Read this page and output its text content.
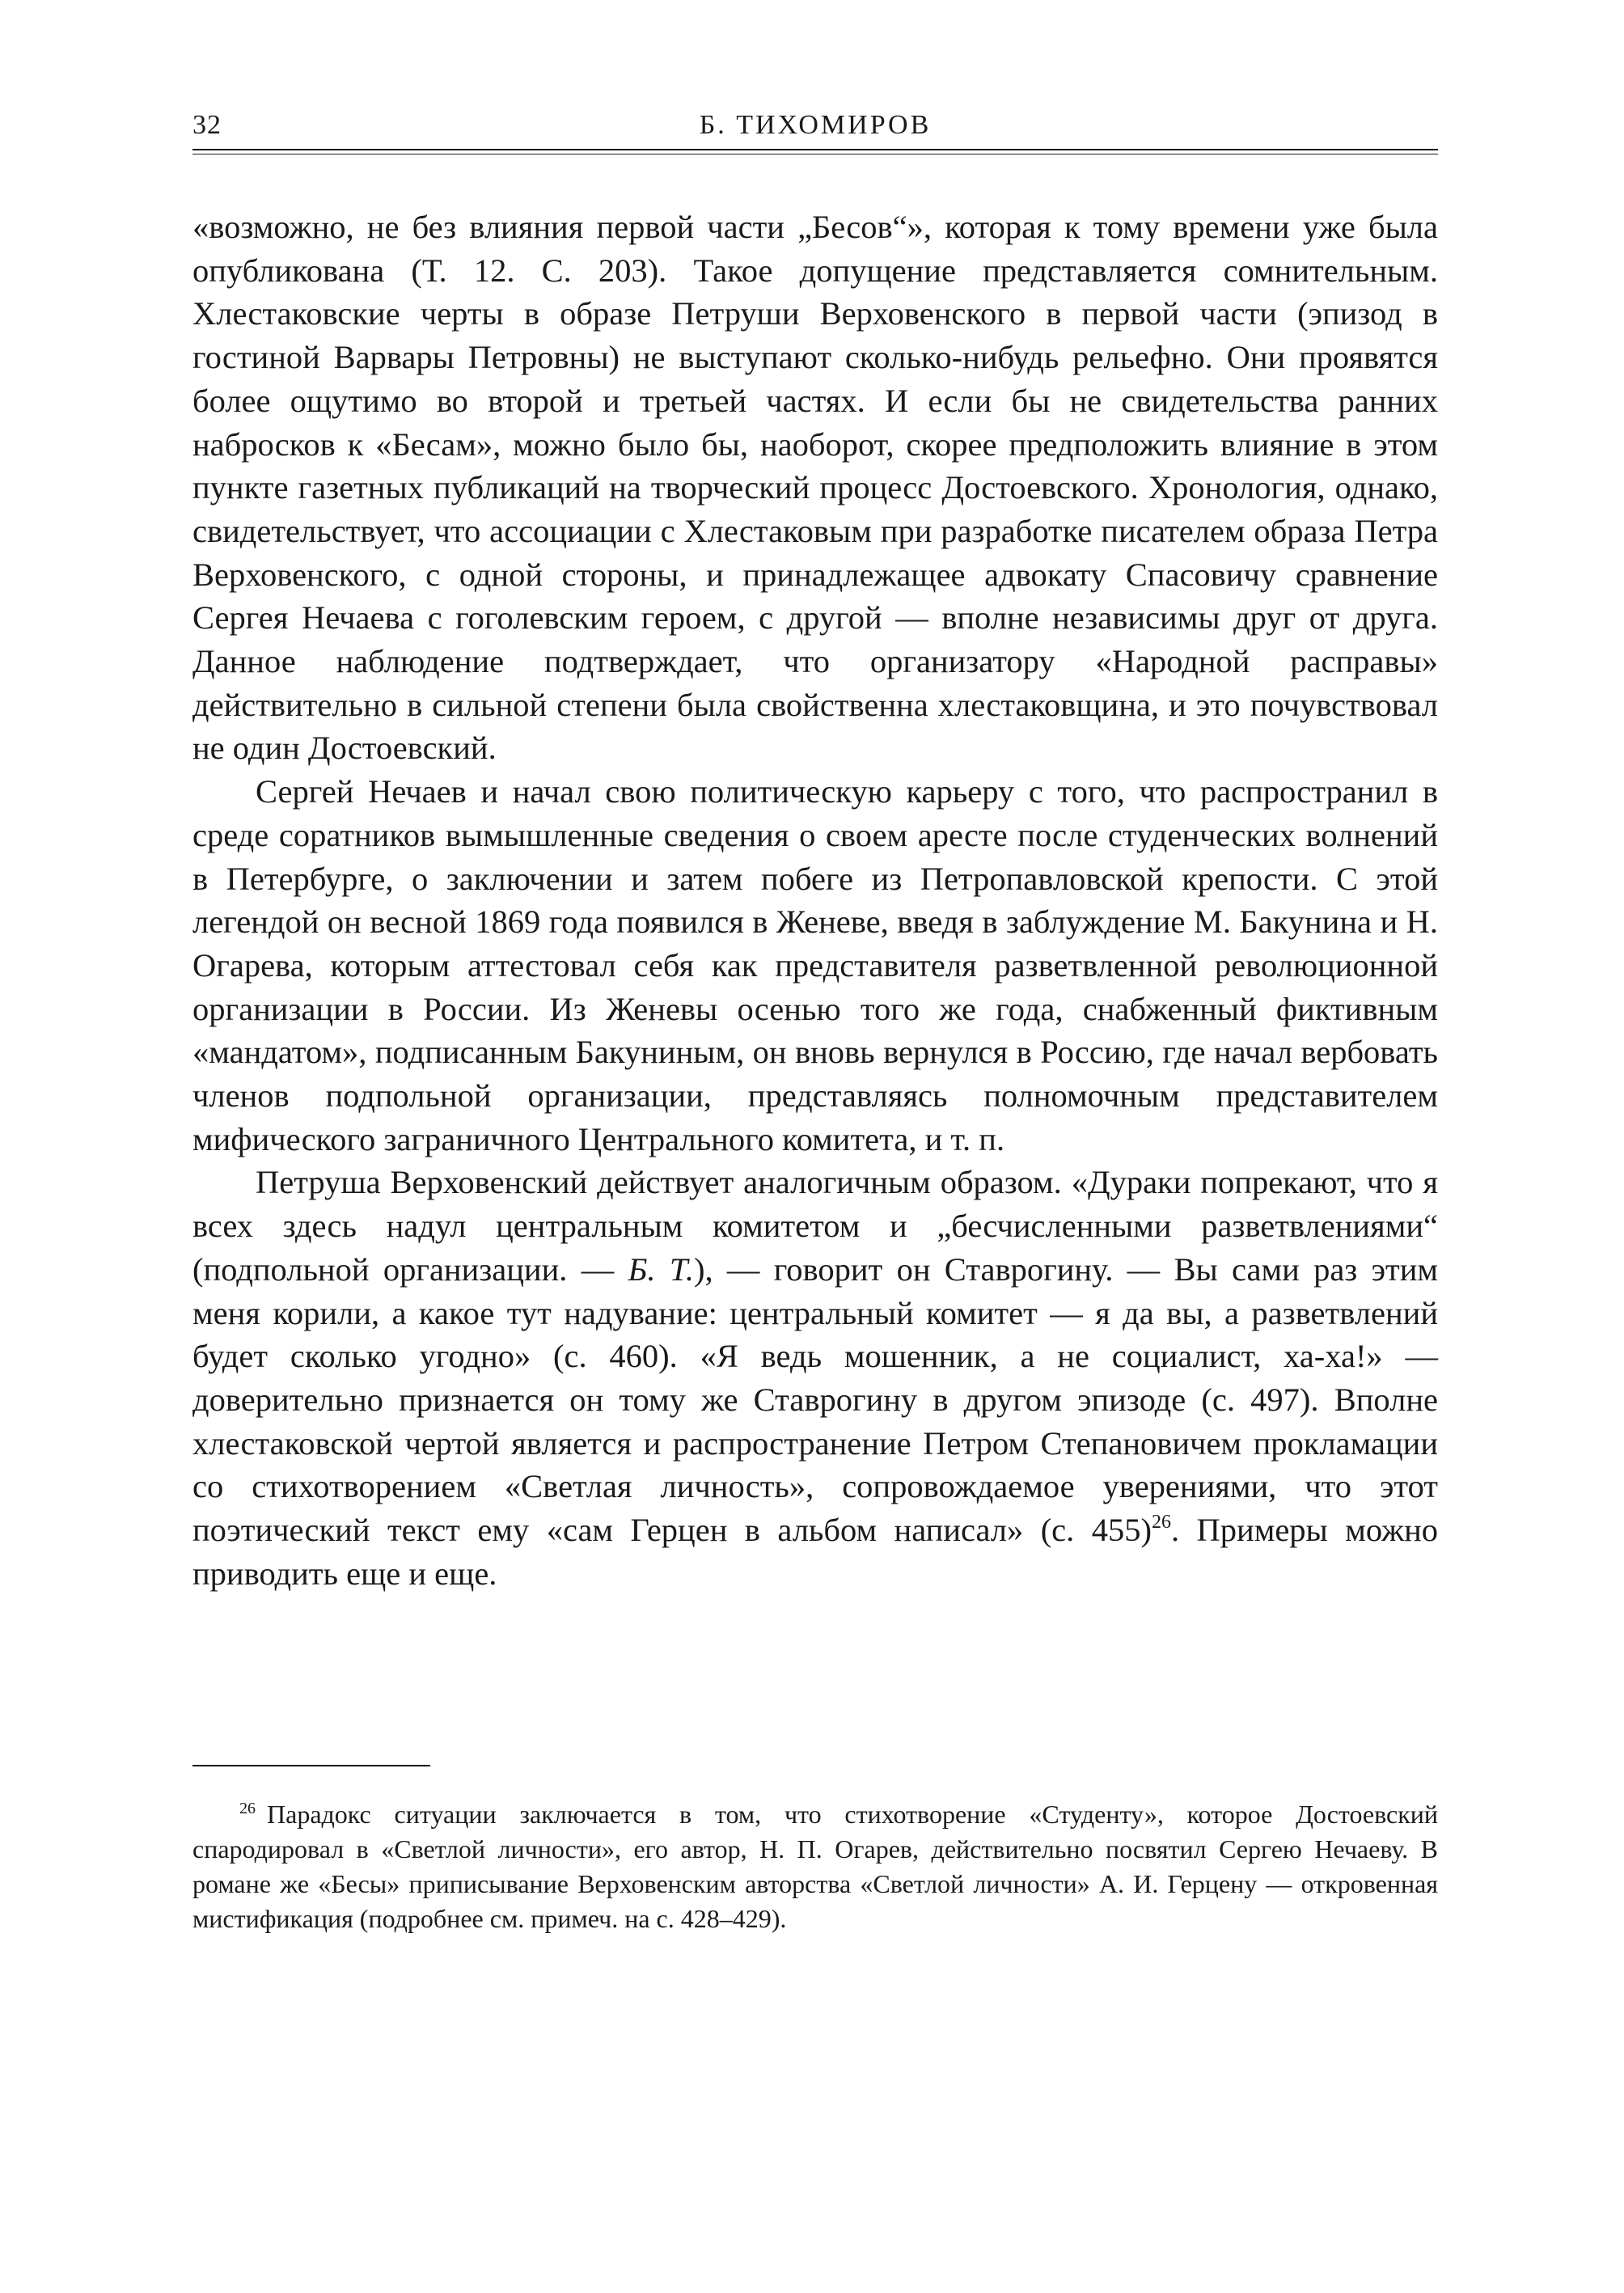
32	Б. ТИХОМИРОВ

«возможно, не без влияния первой части „Бесов“», которая к тому времени уже была опубликована (Т. 12. С. 203). Такое допущение представляется сомнительным. Хлестаковские черты в образе Петруши Верховенского в первой части (эпизод в гостиной Варвары Петровны) не выступают сколько-нибудь рельефно. Они проявятся более ощутимо во второй и третьей частях. И если бы не свидетельства ранних набросков к «Бесам», можно было бы, наоборот, скорее предположить влияние в этом пункте газетных публикаций на творческий процесс Достоевского. Хронология, однако, свидетельствует, что ассоциации с Хлестаковым при разработке писателем образа Петра Верховенского, с одной стороны, и принадлежащее адвокату Спасовичу сравнение Сергея Нечаева с гоголевским героем, с другой — вполне независимы друг от друга. Данное наблюдение подтверждает, что организатору «Народной расправы» действительно в сильной степени была свойственна хлестаковщина, и это почувствовал не один Достоевский.

Сергей Нечаев и начал свою политическую карьеру с того, что распространил в среде соратников вымышленные сведения о своем аресте после студенческих волнений в Петербурге, о заключении и затем побеге из Петропавловской крепости. С этой легендой он весной 1869 года появился в Женеве, введя в заблуждение М. Бакунина и Н. Огарева, которым аттестовал себя как представителя разветвленной революционной организации в России. Из Женевы осенью того же года, снабженный фиктивным «мандатом», подписанным Бакуниным, он вновь вернулся в Россию, где начал вербовать членов подпольной организации, представляясь полномочным представителем мифического заграничного Центрального комитета, и т. п.

Петруша Верховенский действует аналогичным образом. «Дураки попрекают, что я всех здесь надул центральным комитетом и „бесчисленными разветвлениями“ (подпольной организации. — Б. Т.), — говорит он Ставрогину. — Вы сами раз этим меня корили, а какое тут надувание: центральный комитет — я да вы, а разветвлений будет сколько угодно» (с. 460). «Я ведь мошенник, а не социалист, ха-ха!» — доверительно признается он тому же Ставрогину в другом эпизоде (с. 497). Вполне хлестаковской чертой является и распространение Петром Степановичем прокламации со стихотворением «Светлая личность», сопровождаемое уверениями, что этот поэтический текст ему «сам Герцен в альбом написал» (с. 455)$^{26}$. Примеры можно приводить еще и еще.

$^{26}$ Парадокс ситуации заключается в том, что стихотворение «Студенту», которое Достоевский спародировал в «Светлой личности», его автор, Н. П. Огарев, действительно посвятил Сергею Нечаеву. В романе же «Бесы» приписывание Верховенским авторства «Светлой личности» А. И. Герцену — откровенная мистификация (подробнее см. примеч. на с. 428–429).
